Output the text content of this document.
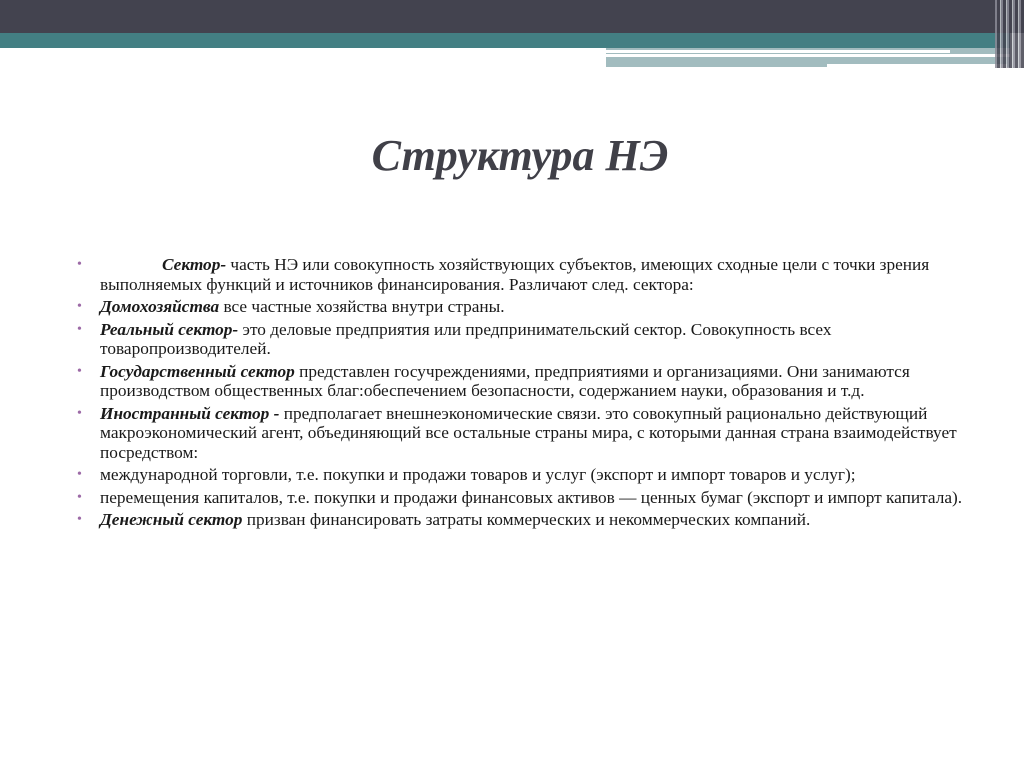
Структура НЭ
•	Сектор- часть НЭ или совокупность хозяйствующих субъектов, имеющих сходные цели с точки зрения выполняемых функций и источников финансирования. Различают след. сектора:
• Домохозяйства все частные хозяйства внутри страны.
• Реальный сектор- это деловые предприятия или предпринимательский сектор. Совокупность всех товаропроизводителей.
• Государственный сектор представлен госучреждениями, предприятиями и организациями. Они занимаются производством общественных благ:обеспечением безопасности, содержанием науки, образования и т.д.
• Иностранный сектор - предполагает внешнеэкономические связи. это совокупный рационально действующий макроэкономический агент, объединяющий все остальные страны мира, с которыми данная страна взаимодействует посредством:
• международной торговли, т.е. покупки и продажи товаров и услуг (экспорт и импорт товаров и услуг);
• перемещения капиталов, т.е. покупки и продажи финансовых активов — ценных бумаг (экспорт и импорт капитала).
• Денежный сектор призван финансировать затраты коммерческих и некоммерческих компаний.
